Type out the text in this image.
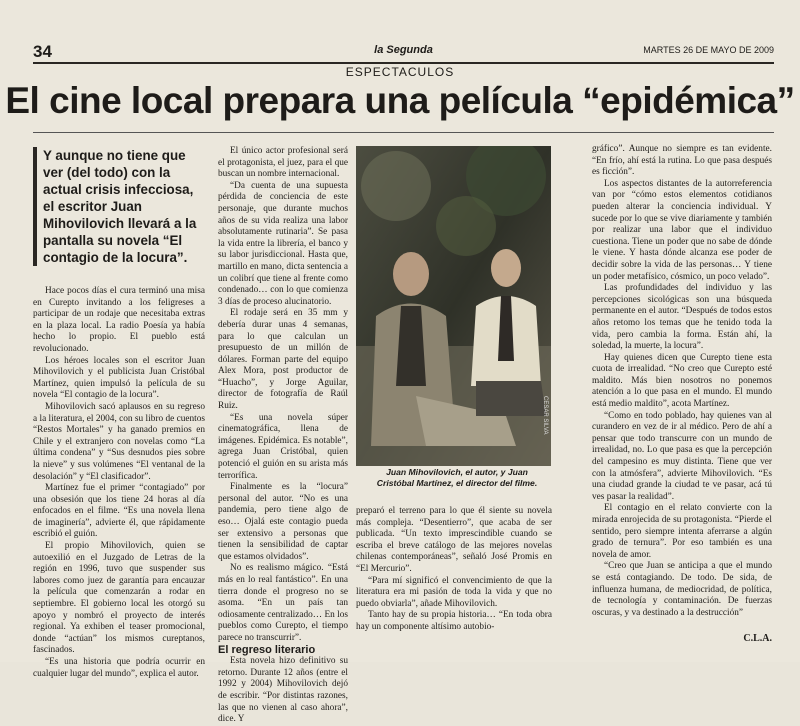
34	la Segunda	MARTES 26 DE MAYO DE 2009
ESPECTACULOS
El cine local prepara una película “epidémica”
Y aunque no tiene que ver (del todo) con la actual crisis infecciosa, el escritor Juan Mihovilovich llevará a la pantalla su novela “El contagio de la locura”.

Hace pocos días el cura terminó una misa en Curepto invitando a los feligreses a participar de un rodaje que necesitaba extras en la plaza local. La radio Poesía ya había hecho lo propio. El pueblo está revolucionado.

Los héroes locales son el escritor Juan Mihovilovich y el publicista Juan Cristóbal Martínez, quien impulsó la película de su novela “El contagio de la locura”.

Mihovilovich sacó aplausos en su regreso a la literatura, el 2004, con su libro de cuentos “Restos Mortales” y ha ganado premios en Chile y el extranjero con novelas como “La última condena” y “Sus desnudos pies sobre la nieve” y sus volúmenes “El ventanal de la desolación” y “El clasificador”.

Martínez fue el primer “contagiado” por una obsesión que los tiene 24 horas al día enfocados en el filme. “Es una novela llena de imaginería”, advierte él, que rápidamente escribió el guión.

El propio Mihovilovich, quien se autoexilió en el Juzgado de Letras de la región en 1996, tuvo que suspender sus labores como juez de garantía para encauzar la película que comenzarán a rodar en septiembre. El gobierno local les otorgó su apoyo y nombró el proyecto de interés regional. Ya exhiben el teaser promocional, donde “actúan” los mismos cureptanos, fascinados.

“Es una historia que podría ocurrir en cualquier lugar del mundo”, explica el autor.

El único actor profesional será el protagonista, el juez, para el que buscan un nombre internacional.

“Da cuenta de una supuesta pérdida de conciencia de este personaje, que durante muchos años de su vida realiza una labor absolutamente rutinaria”. Se pasa la vida entre la librería, el banco y su labor jurisdiccional. Hasta que, martillo en mano, dicta sentencia a un colibrí que tiene al frente como condenado… con lo que comienza 3 días de proceso alucinatorio.

El rodaje será en 35 mm y debería durar unas 4 semanas, para lo que calculan un presupuesto de un millón de dólares. Forman parte del equipo Alex Mora, post productor de “Huacho”, y Jorge Aguilar, director de fotografía de Raúl Ruiz.

“Es una novela súper cinematográfica, llena de imágenes. Epidémica. Es notable”, agrega Juan Cristóbal, quien potenció el guión en su arista más terrorífica.

Finalmente es la “locura” personal del autor. “No es una pandemia, pero tiene algo de eso… Ojalá este contagio pueda ser extensivo a personas que tienen la sensibilidad de captar que estamos olvidados”.

No es realismo mágico. “Está más en lo real fantástico”. En una tierra donde el progreso no se asoma. “En un país tan odiosamente centralizado… En los pueblos como Curepto, el tiempo parece no transcurrir”.

El regreso literario

Esta novela hizo definitivo su retorno. Durante 12 años (entre el 1992 y 2004) Mihovilovich dejó de escribir. “Por distintas razones, las que no vienen al caso ahora”, dice. Y

CESAR SILVA
Juan Mihovilovich, el autor, y Juan Cristóbal Martínez, el director del filme.

preparó el terreno para lo que él siente su novela más compleja. “Desentierro”, que acaba de ser publicada. “Un texto imprescindible cuando se escriba el breve catálogo de las mejores novelas chilenas contemporáneas”, señaló José Promis en “El Mercurio”.

“Para mí significó el convencimiento de que la literatura era mi pasión de toda la vida y que no puedo obviarla”, añade Mihovilovich.

Tanto hay de su propia historia… “En toda obra hay un componente altísimo autobio-

gráfico”. Aunque no siempre es tan evidente. “En frío, ahí está la rutina. Lo que pasa después es ficción”.

Los aspectos distantes de la autorreferencia van por “cómo estos elementos cotidianos pueden alterar la conciencia individual. Y sucede por lo que se vive diariamente y también por realizar una labor que el individuo cuestiona. Tiene un poder que no sabe de dónde le viene. Y hasta dónde alcanza ese poder de decidir sobre la vida de las personas… Y tiene un poder metafísico, cósmico, un poco velado”.

Las profundidades del individuo y las percepciones sicológicas son una búsqueda permanente en el autor. “Después de todos estos años retomo los temas que he tenido toda la vida, pero cambia la forma. Están ahí, la soledad, la muerte, la locura”.

Hay quienes dicen que Curepto tiene esta cuota de irrealidad. “No creo que Curepto esté maldito. Más bien nosotros no ponemos atención a lo que pasa en el mundo. El mundo está medio maldito”, acota Martínez.

“Como en todo poblado, hay quienes van al curandero en vez de ir al médico. Pero de ahí a pensar que todo transcurre con un mundo de irrealidad, no. Lo que pasa es que la percepción del campesino es muy distinta. Tiene que ver con la atmósfera”, advierte Mihovilovich. “Es una ciudad grande la ciudad te ve pasar, acá tú ves pasar la realidad”.

El contagio en el relato convierte con la mirada enrojecida de su protagonista. “Pierde el sentido, pero siempre intenta aferrarse a algún grado de ternura”. Por eso también es una novela de amor.

“Creo que Juan se anticipa a que el mundo se está contagiando. De todo. De sida, de influenza humana, de mediocridad, de política, de tecnología y contaminación. De fuerzas oscuras, y va destinado a la destrucción”

C.L.A.
